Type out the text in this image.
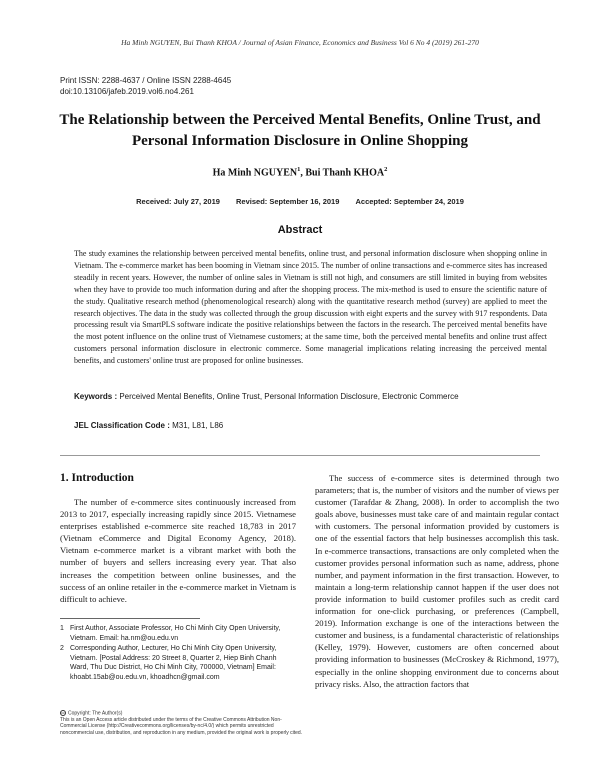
Ha Minh NGUYEN, Bui Thanh KHOA / Journal of Asian Finance, Economics and Business Vol 6 No 4 (2019) 261-270
Print ISSN: 2288-4637 / Online ISSN 2288-4645
doi:10.13106/jafeb.2019.vol6.no4.261
The Relationship between the Perceived Mental Benefits, Online Trust, and
Personal Information Disclosure in Online Shopping
Ha Minh NGUYEN$^1$, Bui Thanh KHOA$^2$
Received: July 27, 2019 Revised: September 16, 2019 Accepted: September 24, 2019
Abstract
The study examines the relationship between perceived mental benefits, online trust, and personal information disclosure when shopping online in Vietnam. The e-commerce market has been booming in Vietnam since 2015. The number of online transactions and e-commerce sites has increased steadily in recent years. However, the number of online sales in Vietnam is still not high, and consumers are still limited in buying from websites when they have to provide too much information during and after the shopping process. The mix-method is used to ensure the scientific nature of the study. Qualitative research method (phenomenological research) along with the quantitative research method (survey) are applied to meet the research objectives. The data in the study was collected through the group discussion with eight experts and the survey with 917 respondents. Data processing result via SmartPLS software indicate the positive relationships between the factors in the research. The perceived mental benefits have the most potent influence on the online trust of Vietnamese customers; at the same time, both the perceived mental benefits and online trust affect customers personal information disclosure in electronic commerce. Some managerial implications relating increasing the perceived mental benefits, and customers' online trust are proposed for online businesses.
Keywords : Perceived Mental Benefits, Online Trust, Personal Information Disclosure, Electronic Commerce
JEL Classification Code : M31, L81, L86
1. Introduction
The number of e-commerce sites continuously increased from 2013 to 2017, especially increasing rapidly since 2015. Vietnamese enterprises established e-commerce site reached 18,783 in 2017 (Vietnam eCommerce and Digital Economy Agency, 2018). Vietnam e-commerce market is a vibrant market with both the number of buyers and sellers increasing every year. That also increases the competition between online businesses, and the success of an online retailer in the e-commerce market in Vietnam is difficult to achieve.
The success of e-commerce sites is determined through two parameters; that is, the number of visitors and the number of views per customer (Tarafdar & Zhang, 2008). In order to accomplish the two goals above, businesses must take care of and maintain regular contact with customers. The personal information provided by customers is one of the essential factors that help businesses accomplish this task. In e-commerce transactions, transactions are only completed when the customer provides personal information such as name, address, phone number, and payment information in the first transaction. However, to maintain a long-term relationship cannot happen if the user does not provide information to build customer profiles such as credit card information for one-click purchasing, or preferences (Campbell, 2019). Information exchange is one of the interactions between the customer and business, is a fundamental characteristic of relationships (Kelley, 1979). However, customers are often concerned about providing information to businesses (McCroskey & Richmond, 1977), especially in the online shopping environment due to concerns about privacy risks. Also, the attraction factors that
1 First Author, Associate Professor, Ho Chi Minh City Open University, Vietnam. Email: ha.nm@ou.edu.vn
2 Corresponding Author, Lecturer, Ho Chi Minh City Open University, Vietnam. [Postal Address: 20 Street 8, Quarter 2, Hiep Binh Chanh Ward, Thu Duc District, Ho Chi Minh City, 700000, Vietnam] Email: khoabt.15ab@ou.edu.vn, khoadhcn@gmail.com
cc Copyright: The Author(s)
This is an Open Access article distributed under the terms of the Creative Commons Attribution Non-Commercial License (http://Creativecommons.org/licenses/by-nc/4.0/) which permits unrestricted noncommercial use, distribution, and reproduction in any medium, provided the original work is properly cited.
